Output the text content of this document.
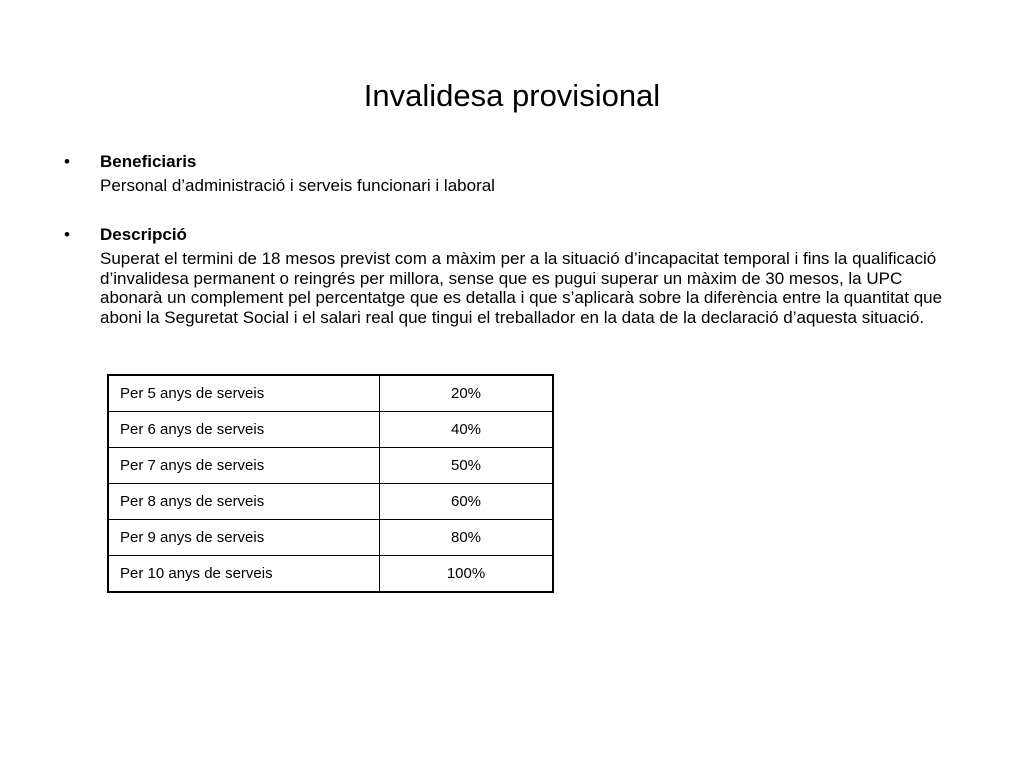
Invalidesa provisional
•	Beneficiaris
Personal d’administració i serveis funcionari i laboral
•	Descripció
Superat el termini de 18 mesos previst com a màxim per a la situació d’incapacitat temporal i fins la qualificació d’invalidesa permanent o reingrés per millora, sense que es pugui superar un màxim de 30 mesos, la UPC abonarà un complement pel percentatge que es detalla i que s’aplicarà sobre la diferència entre la quantitat que aboni la Seguretat Social i el salari real que tingui el treballador en la data de la declaració d’aquesta situació.
Per 5 anys de serveis	20%
Per 6 anys de serveis	40%
Per 7 anys de serveis	50%
Per 8 anys de serveis	60%
Per 9 anys de serveis	80%
Per 10 anys de serveis	100%
